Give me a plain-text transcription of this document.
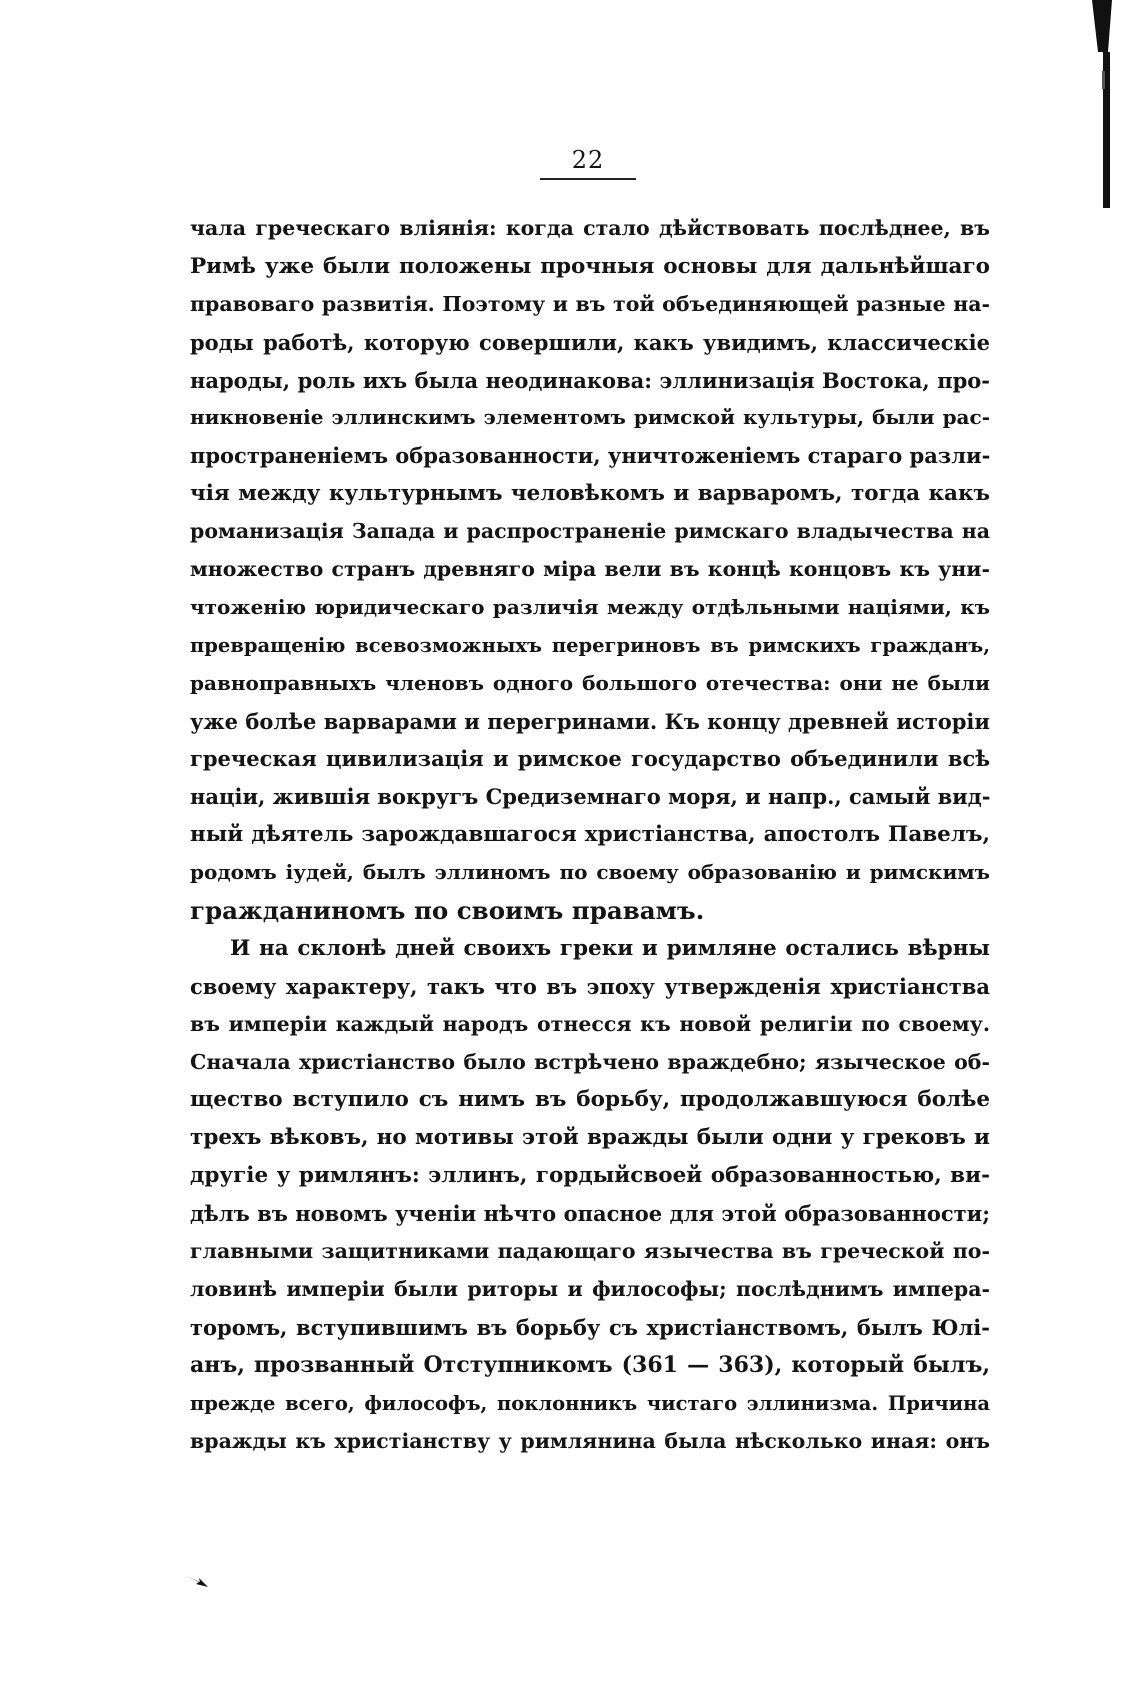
22
чала греческаго вліянія: когда стало дѣйствовать послѣднее, въ
Римѣ уже были положены прочныя основы для дальнѣйшаго
правоваго развитія. Поэтому и въ той объединяющей разные на-
роды работѣ, которую совершили, какъ увидимъ, классическіе
народы, роль ихъ была неодинакова: эллинизація Востока, про-
никновеніе эллинскимъ элементомъ римской культуры, были рас-
пространеніемъ образованности, уничтоженіемъ стараго разли-
чія между культурнымъ человѣкомъ и варваромъ, тогда какъ
романизація Запада и распространеніе римскаго владычества на
множество странъ древняго міра вели въ концѣ концовъ къ уни-
чтоженію юридическаго различія между отдѣльными націями, къ
превращенію всевозможныхъ перегриновъ въ римскихъ гражданъ,
равноправныхъ членовъ одного большого отечества: они не были
уже болѣе варварами и перегринами. Къ концу древней исторіи
греческая цивилизація и римское государство объединили всѣ
націи, жившія вокругъ Средиземнаго моря, и напр., самый вид-
ный дѣятель зарождавшагося христіанства, апостолъ Павелъ,
родомъ іудей, былъ эллиномъ по своему образованію и римскимъ
гражданиномъ по своимъ правамъ.
И на склонѣ дней своихъ греки и римляне остались вѣрны
своему характеру, такъ что въ эпоху утвержденія христіанства
въ имперіи каждый народъ отнесся къ новой религіи по своему.
Сначала христіанство было встрѣчено враждебно; языческое об-
щество вступило съ нимъ въ борьбу, продолжавшуюся болѣе
трехъ вѣковъ, но мотивы этой вражды были одни у грековъ и
другіе у римлянъ: эллинъ, гордыйсвоей образованностью, ви-
дѣлъ въ новомъ ученіи нѣчто опасное для этой образованности;
главными защитниками падающаго язычества въ греческой по-
ловинѣ имперіи были риторы и философы; послѣднимъ импера-
торомъ, вступившимъ въ борьбу съ христіанствомъ, былъ Юлі-
анъ, прозванный Отступникомъ (361 — 363), который былъ,
прежде всего, философъ, поклонникъ чистаго эллинизма. Причина
вражды къ христіанству у римлянина была нѣсколько иная: онъ
